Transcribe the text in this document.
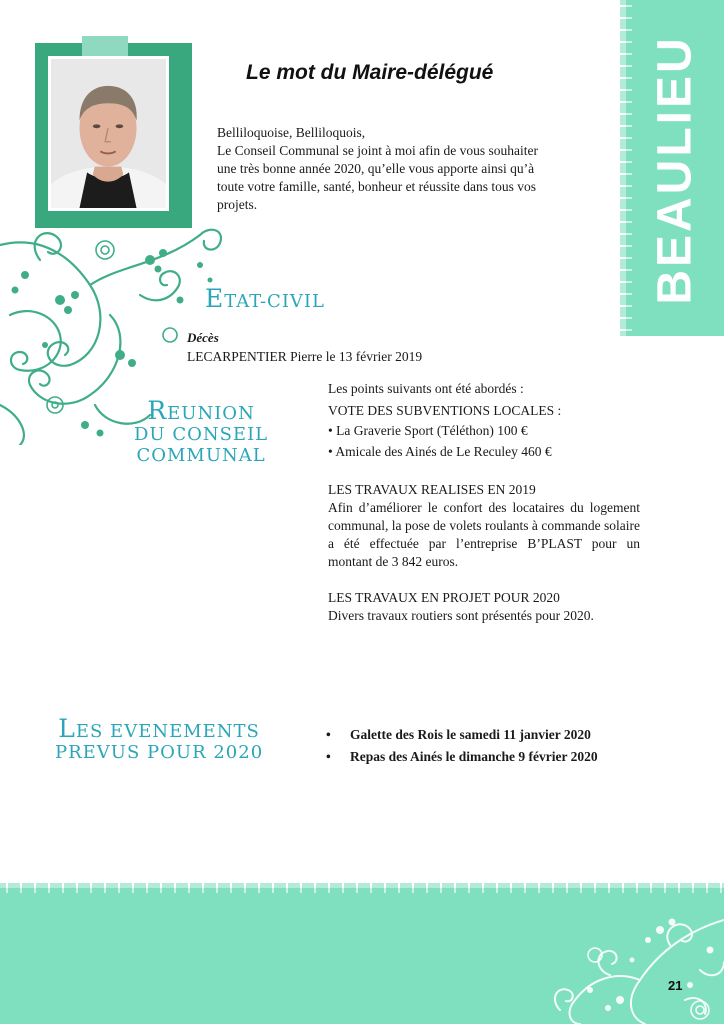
BEAULIEU
Le mot du Maire-délégué
Belliloquoise, Belliloquois,
Le Conseil Communal se joint à moi afin de vous souhaiter
une très bonne année 2020, qu’elle vous apporte ainsi qu’à
toute votre famille, santé, bonheur et réussite dans tous vos
projets.
ETAT-CIVIL
Décès
LECARPENTIER Pierre le 13 février 2019
REUNION
DU CONSEIL
COMMUNAL

Les points suivants ont été abordés :

VOTE DES SUBVENTIONS LOCALES :

• La Graverie Sport (Téléthon) 100 €

• Amicale des Ainés de Le Reculey 460 €

LES TRAVAUX REALISES EN 2019

Afin d’améliorer le confort des locataires du logement communal, la pose de volets roulants à commande solaire a été effectuée par l’entreprise B’PLAST pour un montant de 3 842 euros.

LES TRAVAUX EN PROJET POUR 2020

Divers travaux routiers sont présentés pour 2020.

LES EVENEMENTS
PREVUS POUR 2020
•	Galette des Rois le samedi 11 janvier 2020
•	Repas des Ainés le dimanche 9 février 2020
21
